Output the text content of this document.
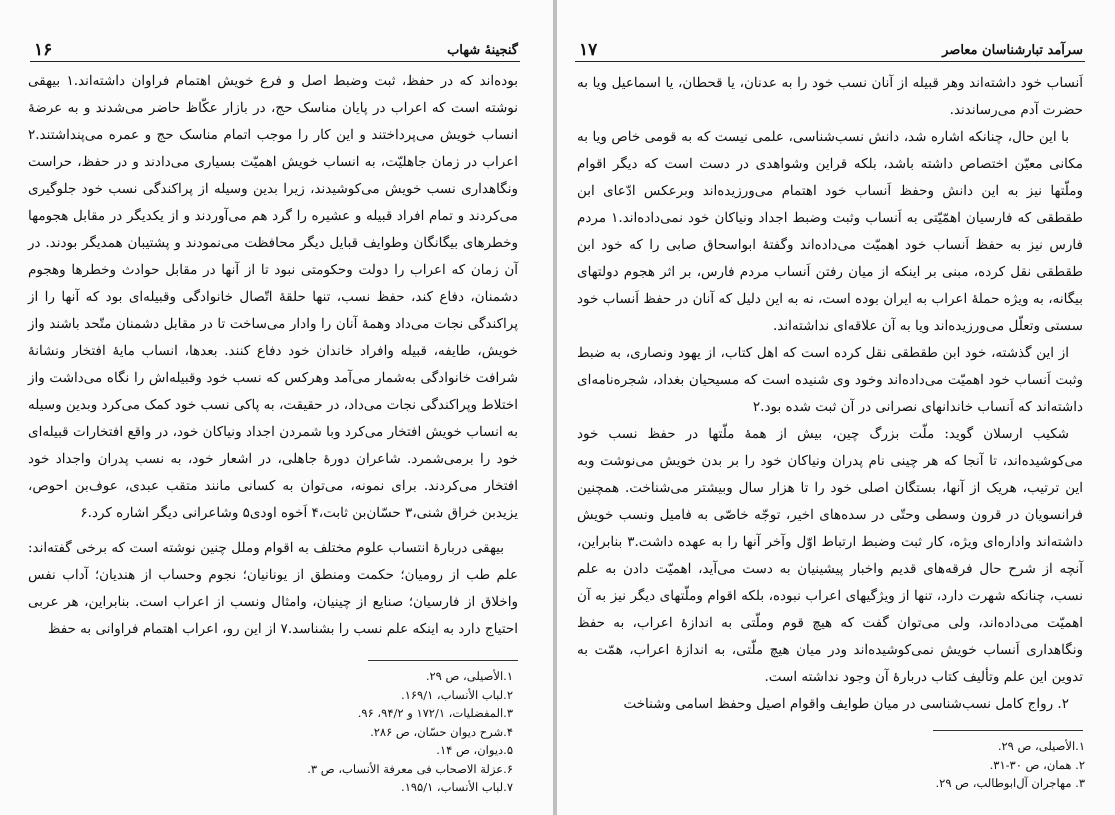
گنجینهٔ شهاب
۱۶

بوده‌اند که در حفظ، ثبت وضبط اصل و فرع خویش اهتمام فراوان داشته‌اند.۱ بیهقی نوشته است که اعراب در پایان مناسک حج، در بازار عکّاظ حاضر می‌شدند و به عرضهٔ انساب خویش می‌پرداختند و این کار را موجب اتمام مناسک حج و عمره می‌پنداشتند.۲ اعراب در زمان جاهلیّت، به انساب خویش اهمیّت بسیاری می‌دادند و در حفظ، حراست ونگاهداری نسب خویش می‌کوشیدند، زیرا بدین وسیله از پراکندگی نسب خود جلوگیری می‌کردند و تمام افراد قبیله و عشیره را گرد هم می‌آوردند و از یکدیگر در مقابل هجومها وخطرهای بیگانگان وطوایف قبایل دیگر محافظت می‌نمودند و پشتیبان همدیگر بودند. در آن زمان که اعراب را دولت وحکومتی نبود تا از آنها در مقابل حوادث وخطرها وهجوم دشمنان، دفاع کند، حفظ نسب، تنها حلقهٔ اتّصال خانوادگی وقبیله‌ای بود که آنها را از پراکندگی نجات می‌داد وهمهٔ آنان را وادار می‌ساخت تا در مقابل دشمنان متّحد باشند واز خویش، طایفه، قبیله وافراد خاندان خود دفاع کنند. بعدها، انساب مایهٔ افتخار ونشانهٔ شرافت خانوادگی به‌شمار می‌آمد وهرکس که نسب خود وقبیله‌اش را نگاه می‌داشت واز اختلاط وپراکندگی نجات می‌داد، در حقیقت، به پاکی نسب خود کمک می‌کرد وبدین وسیله به انساب خویش افتخار می‌کرد وبا شمردن اجداد ونیاکان خود، در واقع افتخارات قبیله‌ای خود را برمی‌شمرد. شاعران دورهٔ جاهلی، در اشعار خود، به نسب پدران واجداد خود افتخار می‌کردند. برای نمونه، می‌توان به کسانی مانند متقب عبدی، عوف‌بن احوص، یزیدبن خراق شنی،۳ حسّان‌بن ثابت،۴ اَخوه اودی۵ وشاعرانی دیگر اشاره کرد.۶

بیهقی دربارهٔ انتساب علوم مختلف به اقوام وملل چنین نوشته است که برخی گفته‌اند: علم طب از رومیان؛ حکمت ومنطق از یونانیان؛ نجوم وحساب از هندیان؛ آداب نفس واخلاق از فارسیان؛ صنایع از چینیان، وامثال ونسب از اعراب است. بنابراین، هر عربی احتیاج دارد به اینکه علم نسب را بشناسد.۷ از این رو، اعراب اهتمام فراوانی به حفظ

۱.الأصیلی، ص ۲۹.
۲.لباب الأنساب، ۱۶۹/۱.
۳.المفضلیات، ۱۷۲/۱ و ۹۴/۲، ۹۶.
۴.شرح دیوان حسّان، ص ۲۸۶.
۵.دیوان، ص ۱۴.
۶.عزلة الاصحاب فی معرفة الأنساب، ص ۳.
۷.لباب الأنساب، ۱۹۵/۱.
سرآمد تبارشناسان معاصر
۱۷

اَنساب خود داشته‌اند وهر قبیله از آنان نسب خود را به عدنان، یا قحطان، یا اسماعیل ویا به حضرت آدم می‌رساندند.

با این حال، چنانکه اشاره شد، دانش نسب‌شناسی، علمی نیست که به قومی خاص ویا به مکانی معیّن اختصاص داشته باشد، بلکه قراین وشواهدی در دست است که دیگر اقوام وملّتها نیز به این دانش وحفظ اَنساب خود اهتمام می‌ورزیده‌اند وبرعکس ادّعای ابن طقطقی که فارسیان اهمّیّتی به اَنساب وثبت وضبط اجداد ونیاکان خود نمی‌داده‌اند.۱ مردم فارس نیز به حفظ اَنساب خود اهمیّت می‌داده‌اند وگفتهٔ ابواسحاق صابی را که خود ابن طقطقی نقل کرده، مبنی بر اینکه از میان رفتن اَنساب مردم فارس، بر اثر هجوم دولتهای بیگانه، به ویژه حملهٔ اعراب به ایران بوده است، نه به این دلیل که آنان در حفظ اَنساب خود سستی وتعلّل می‌ورزیده‌اند ویا به آن علاقه‌ای نداشته‌اند.

از این گذشته، خود ابن طقطقی نقل کرده است که اهل کتاب، از یهود ونصاری، به ضبط وثبت اَنساب خود اهمیّت می‌داده‌اند وخود وی شنیده است که مسیحیان بغداد، شجره‌نامه‌ای داشته‌اند که اَنساب خاندانهای نصرانی در آن ثبت شده بود.۲

شکیب ارسلان گوید: ملّت بزرگ چین، بیش از همهٔ ملّتها در حفظ نسب خود می‌کوشیده‌اند، تا آنجا که هر چینی نام پدران ونیاکان خود را بر بدن خویش می‌نوشت وبه این ترتیب، هریک از آنها، بستگان اصلی خود را تا هزار سال وبیشتر می‌شناخت. همچنین فرانسویان در قرون وسطی وحتّی در سده‌های اخیر، توجّه خاصّی به فامیل ونسب خویش داشته‌اند واداره‌ای ویژه، کار ثبت وضبط ارتباط اوّل وآخر آنها را به عهده داشت.۳ بنابراین، آنچه از شرح حال فرقه‌های قدیم واخبار پیشینیان به دست می‌آید، اهمیّت دادن به علم نسب، چنانکه شهرت دارد، تنها از ویژگیهای اعراب نبوده، بلکه اقوام وملّتهای دیگر نیز به آن اهمیّت می‌داده‌اند، ولی می‌توان گفت که هیچ قوم وملّتی به اندازهٔ اعراب، به حفظ ونگاهداری اَنساب خویش نمی‌کوشیده‌اند ودر میان هیچ ملّتی، به اندازهٔ اعراب، همّت به تدوین این علم وتألیف کتاب دربارهٔ آن وجود نداشته است.

۲. رواج کامل نسب‌شناسی در میان طوایف واقوام اصیل وحفظ اسامی وشناخت

۱.الأصیلی، ص ۲۹.
۲. همان، ص ۳۰-۳۱.
۳. مهاجران آل‌ابوطالب، ص ۲۹.
